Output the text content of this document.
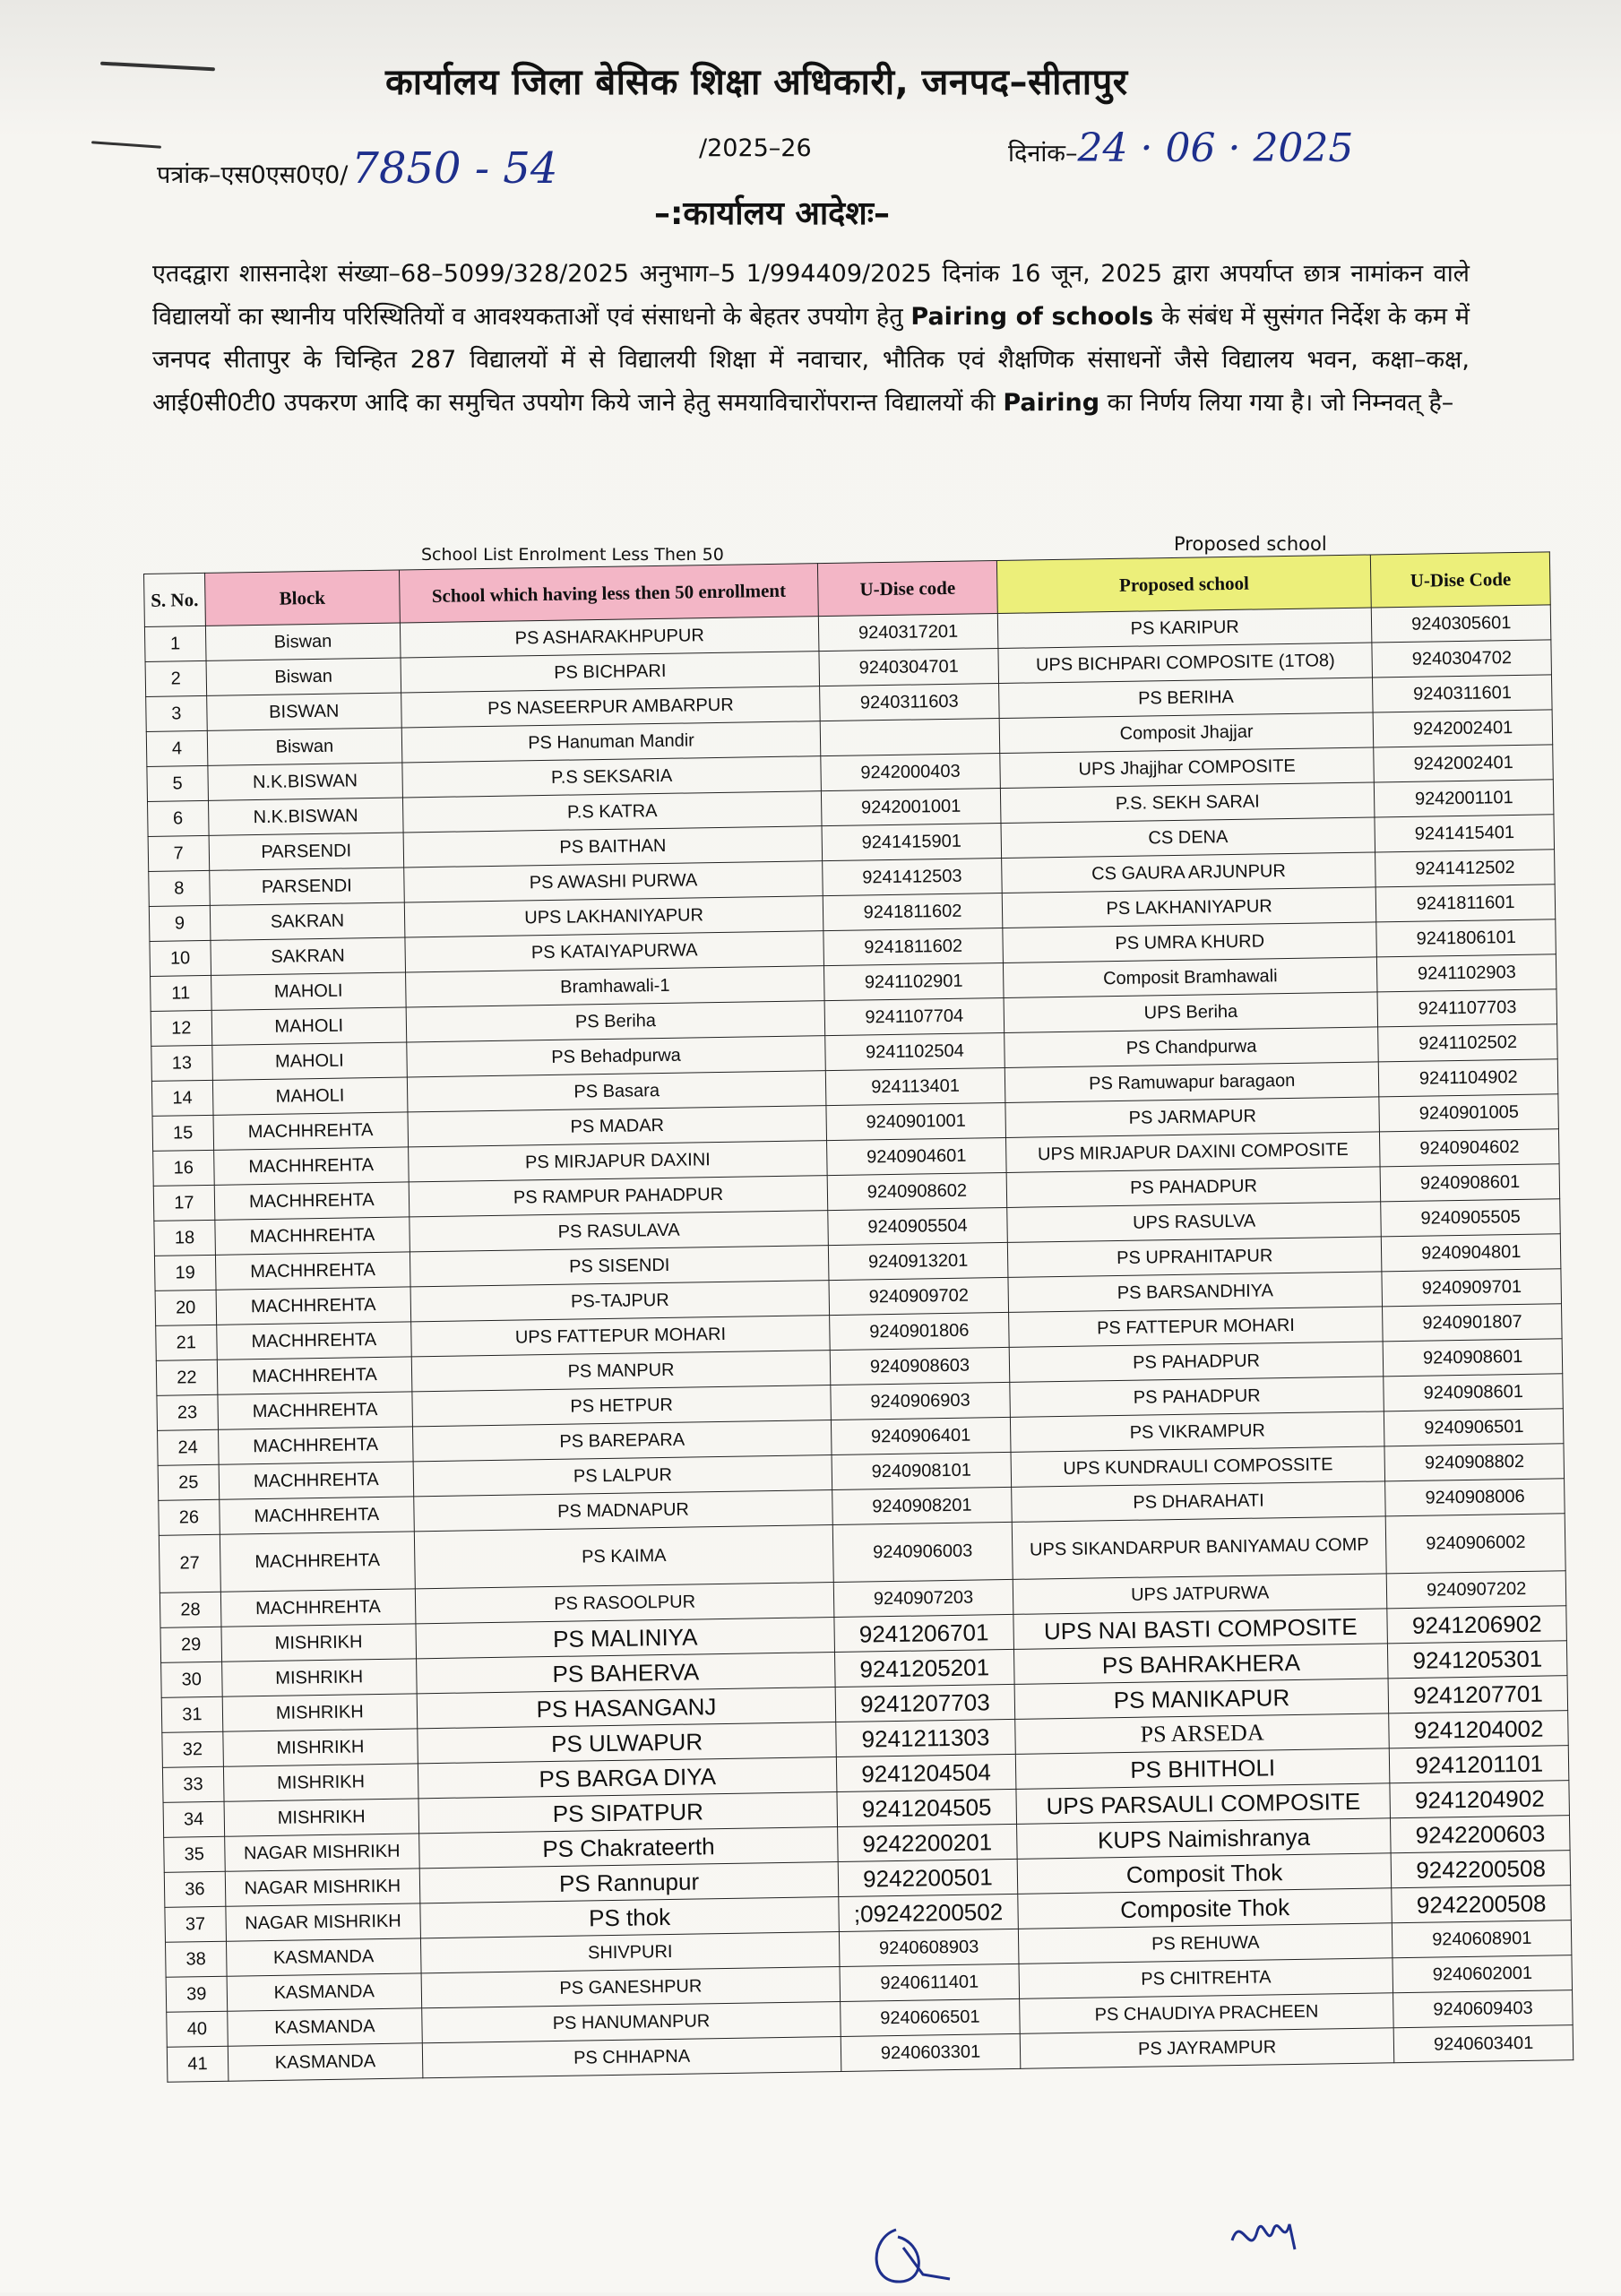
कार्यालय जिला बेसिक शिक्षा अधिकारी, जनपद–सीतापुर
पत्रांक–एस0एस0ए0/7850 - 54	/2025–26	दिनांक–24 · 06 · 2025
–:कार्यालय आदेशः–
एतदद्वारा शासनादेश संख्या–68–5099/328/2025 अनुभाग–5 1/994409/2025 दिनांक 16 जून, 2025 द्वारा अपर्याप्त छात्र नामांकन वाले विद्यालयों का स्थानीय परिस्थितियों व आवश्यकताओं एवं संसाधनो के बेहतर उपयोग हेतु Pairing of schools के संबंध में सुसंगत निर्देश के कम में जनपद सीतापुर के चिन्हित 287 विद्यालयों में से विद्यालयी शिक्षा में नवाचार, भौतिक एवं शैक्षणिक संसाधनों जैसे विद्यालय भवन, कक्षा–कक्ष, आई0सी0टी0 उपकरण आदि का समुचित उपयोग किये जाने हेतु समयाविचारोंपरान्त विद्यालयों की Pairing का निर्णय लिया गया है। जो निम्नवत् है–
School List Enrolment Less Then 50	Proposed school
S. No.	Block	School which having less then 50 enrollment	U-Dise code	Proposed school	U-Dise Code
1	Biswan	PS ASHARAKHPUPUR	9240317201	PS KARIPUR	9240305601
2	Biswan	PS BICHPARI	9240304701	UPS BICHPARI COMPOSITE (1TO8)	9240304702
3	BISWAN	PS NASEERPUR AMBARPUR	9240311603	PS BERIHA	9240311601
4	Biswan	PS Hanuman Mandir		Composit Jhajjar	9242002401
5	N.K.BISWAN	P.S SEKSARIA	9242000403	UPS Jhajjhar COMPOSITE	9242002401
6	N.K.BISWAN	P.S KATRA	9242001001	P.S. SEKH SARAI	9242001101
7	PARSENDI	PS BAITHAN	9241415901	CS DENA	9241415401
8	PARSENDI	PS AWASHI PURWA	9241412503	CS GAURA ARJUNPUR	9241412502
9	SAKRAN	UPS LAKHANIYAPUR	9241811602	PS LAKHANIYAPUR	9241811601
10	SAKRAN	PS KATAIYAPURWA	9241811602	PS UMRA KHURD	9241806101
11	MAHOLI	Bramhawali-1	9241102901	Composit Bramhawali	9241102903
12	MAHOLI	PS Beriha	9241107704	UPS Beriha	9241107703
13	MAHOLI	PS Behadpurwa	9241102504	PS Chandpurwa	9241102502
14	MAHOLI	PS Basara	924113401	PS Ramuwapur baragaon	9241104902
15	MACHHREHTA	PS MADAR	9240901001	PS JARMAPUR	9240901005
16	MACHHREHTA	PS MIRJAPUR DAXINI	9240904601	UPS MIRJAPUR DAXINI COMPOSITE	9240904602
17	MACHHREHTA	PS RAMPUR PAHADPUR	9240908602	PS PAHADPUR	9240908601
18	MACHHREHTA	PS RASULAVA	9240905504	UPS RASULVA	9240905505
19	MACHHREHTA	PS SISENDI	9240913201	PS UPRAHITAPUR	9240904801
20	MACHHREHTA	PS-TAJPUR	9240909702	PS BARSANDHIYA	9240909701
21	MACHHREHTA	UPS FATTEPUR MOHARI	9240901806	PS FATTEPUR MOHARI	9240901807
22	MACHHREHTA	PS MANPUR	9240908603	PS PAHADPUR	9240908601
23	MACHHREHTA	PS HETPUR	9240906903	PS PAHADPUR	9240908601
24	MACHHREHTA	PS BAREPARA	9240906401	PS VIKRAMPUR	9240906501
25	MACHHREHTA	PS LALPUR	9240908101	UPS KUNDRAULI COMPOSSITE	9240908802
26	MACHHREHTA	PS MADNAPUR	9240908201	PS DHARAHATI	9240908006
27	MACHHREHTA	PS KAIMA	9240906003	UPS SIKANDARPUR BANIYAMAU COMP	9240906002
28	MACHHREHTA	PS RASOOLPUR	9240907203	UPS JATPURWA	9240907202
29	MISHRIKH	PS MALINIYA	9241206701	UPS NAI BASTI COMPOSITE	9241206902
30	MISHRIKH	PS BAHERVA	9241205201	PS BAHRAKHERA	9241205301
31	MISHRIKH	PS HASANGANJ	9241207703	PS MANIKAPUR	9241207701
32	MISHRIKH	PS ULWAPUR	9241211303	PS ARSEDA	9241204002
33	MISHRIKH	PS BARGA DIYA	9241204504	PS BHITHOLI	9241201101
34	MISHRIKH	PS SIPATPUR	9241204505	UPS PARSAULI COMPOSITE	9241204902
35	NAGAR MISHRIKH	PS Chakrateerth	9242200201	KUPS Naimishranya	9242200603
36	NAGAR MISHRIKH	PS Rannupur	9242200501	Composit Thok	9242200508
37	NAGAR MISHRIKH	PS thok	;09242200502	Composite Thok	9242200508
38	KASMANDA	SHIVPURI	9240608903	PS REHUWA	9240608901
39	KASMANDA	PS GANESHPUR	9240611401	PS CHITREHTA	9240602001
40	KASMANDA	PS HANUMANPUR	9240606501	PS CHAUDIYA PRACHEEN	9240609403
41	KASMANDA	PS CHHAPNA	9240603301	PS JAYRAMPUR	9240603401
